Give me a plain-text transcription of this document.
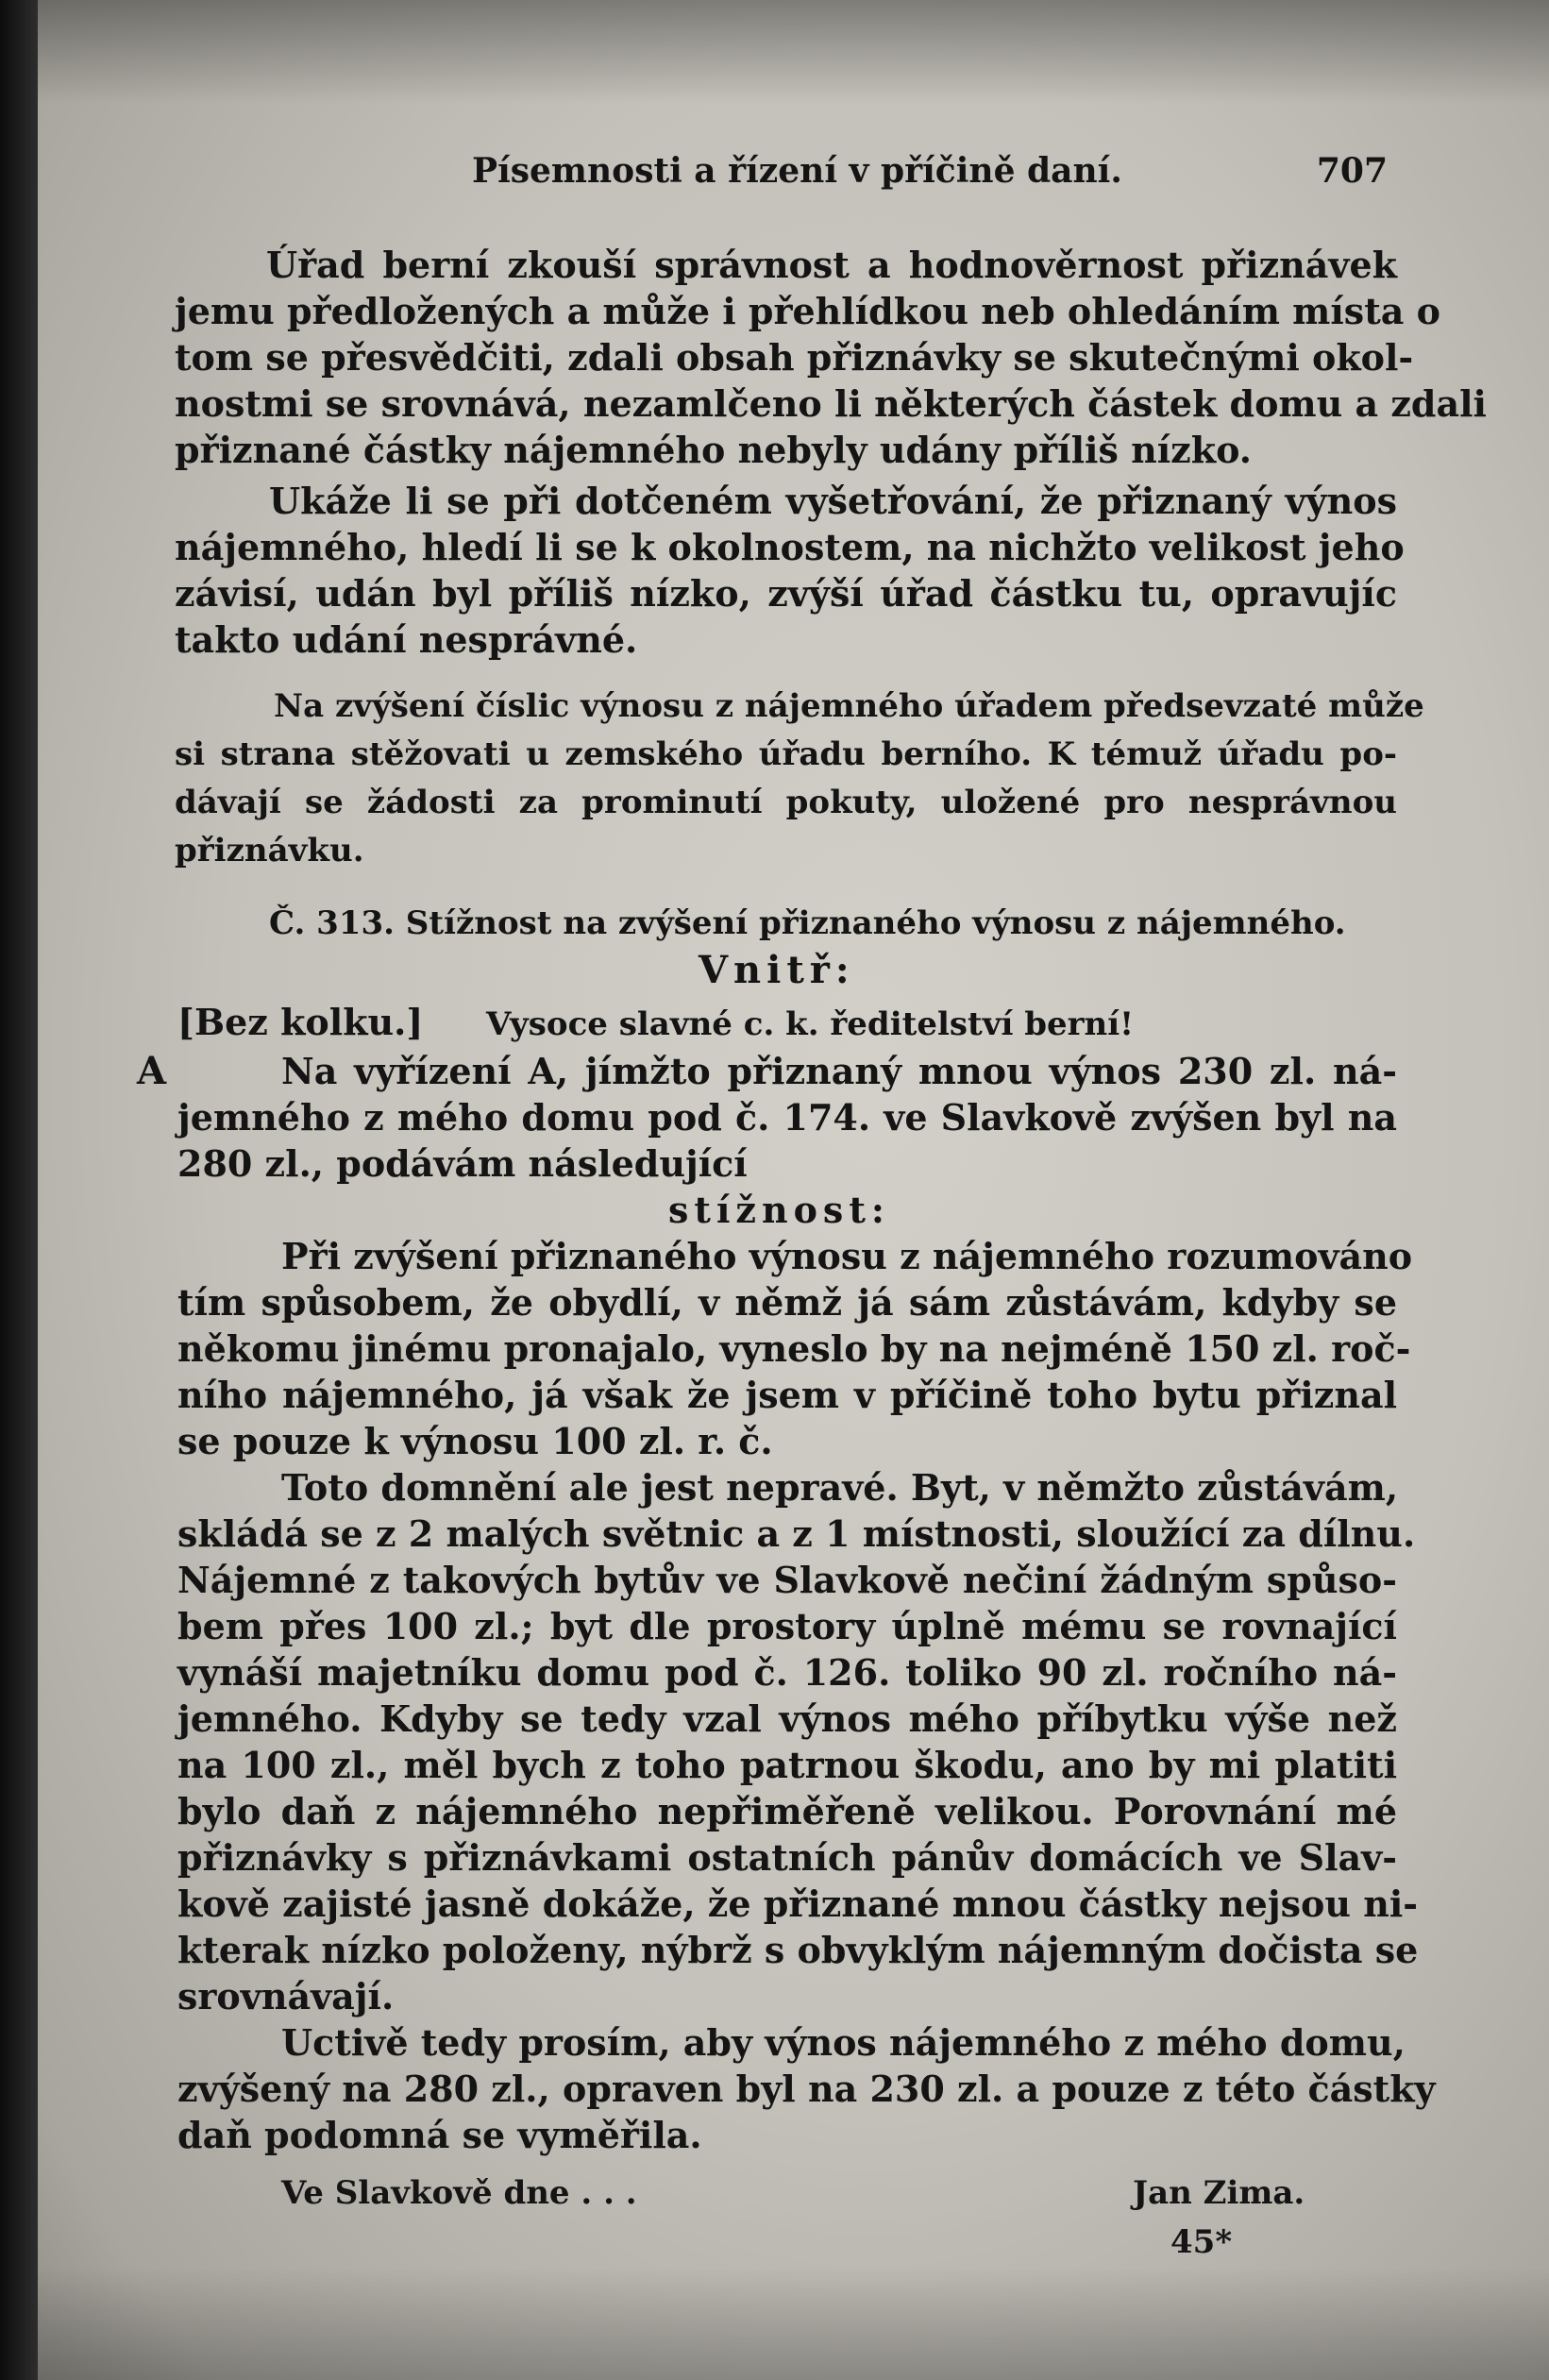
Písemnosti a řízení v příčině daní.	707
Úřad berní zkouší správnost a hodnověrnost přiznávek
jemu předložených a může i přehlídkou neb ohledáním místa o
tom se přesvědčiti, zdali obsah přiznávky se skutečnými okol-
nostmi se srovnává, nezamlčeno li některých částek domu a zdali
přiznané částky nájemného nebyly udány příliš nízko.
Ukáže li se při dotčeném vyšetřování, že přiznaný výnos
nájemného, hledí li se k okolnostem, na nichžto velikost jeho
závisí, udán byl příliš nízko, zvýší úřad částku tu, opravujíc
takto udání nesprávné.
Na zvýšení číslic výnosu z nájemného úřadem předsevzaté může
si strana stěžovati u zemského úřadu berního. K témuž úřadu po-
dávají se žádosti za prominutí pokuty, uložené pro nesprávnou
přiznávku.
Č. 313. Stížnost na zvýšení přiznaného výnosu z nájemného.
Vnitř:
[Bez kolku.] Vysoce slavné c. k. ředitelství berní!
A	Na vyřízení A, jímžto přiznaný mnou výnos 230 zl. ná-
jemného z mého domu pod č. 174. ve Slavkově zvýšen byl na
280 zl., podávám následující
stížnost:
Při zvýšení přiznaného výnosu z nájemného rozumováno
tím spůsobem, že obydlí, v němž já sám zůstávám, kdyby se
někomu jinému pronajalo, vyneslo by na nejméně 150 zl. roč-
ního nájemného, já však že jsem v příčině toho bytu přiznal
se pouze k výnosu 100 zl. r. č.
Toto domnění ale jest nepravé. Byt, v němžto zůstávám,
skládá se z 2 malých světnic a z 1 místnosti, sloužící za dílnu.
Nájemné z takových bytův ve Slavkově nečiní žádným spůso-
bem přes 100 zl.; byt dle prostory úplně mému se rovnající
vynáší majetníku domu pod č. 126. toliko 90 zl. ročního ná-
jemného. Kdyby se tedy vzal výnos mého příbytku výše než
na 100 zl., měl bych z toho patrnou škodu, ano by mi platiti
bylo daň z nájemného nepřiměřeně velikou. Porovnání mé
přiznávky s přiznávkami ostatních pánův domácích ve Slav-
kově zajisté jasně dokáže, že přiznané mnou částky nejsou ni-
kterak nízko položeny, nýbrž s obvyklým nájemným dočista se
srovnávají.
Uctivě tedy prosím, aby výnos nájemného z mého domu,
zvýšený na 280 zl., opraven byl na 230 zl. a pouze z této částky
daň podomná se vyměřila.
Ve Slavkově dne . . .	Jan Zima.
45*
